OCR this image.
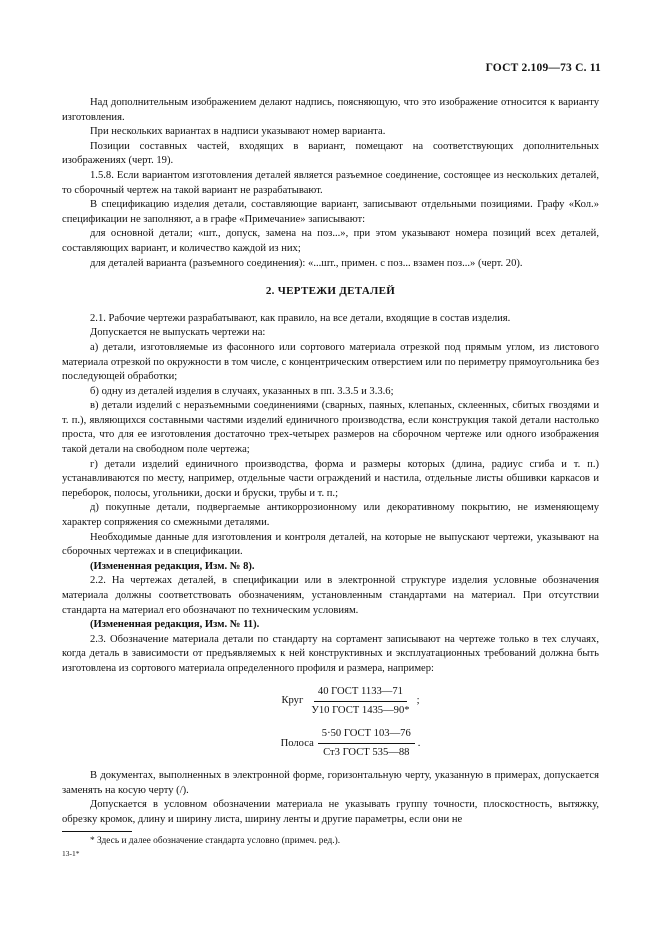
ГОСТ 2.109—73 С. 11

Над дополнительным изображением делают надпись, поясняющую, что это изображение относится к варианту изготовления.

При нескольких вариантах в надписи указывают номер варианта.

Позиции составных частей, входящих в вариант, помещают на соответствующих дополнительных изображениях (черт. 19).

1.5.8. Если вариантом изготовления деталей является разъемное соединение, состоящее из нескольких деталей, то сборочный чертеж на такой вариант не разрабатывают.

В спецификацию изделия детали, составляющие вариант, записывают отдельными позициями. Графу «Кол.» спецификации не заполняют, а в графе «Примечание» записывают:

для основной детали; «шт., допуск, замена на поз...», при этом указывают номера позиций всех деталей, составляющих вариант, и количество каждой из них;

для деталей варианта (разъемного соединения): «...шт., примен. с поз... взамен поз...» (черт. 20).

2. ЧЕРТЕЖИ ДЕТАЛЕЙ

2.1. Рабочие чертежи разрабатывают, как правило, на все детали, входящие в состав изделия.

Допускается не выпускать чертежи на:

а) детали, изготовляемые из фасонного или сортового материала отрезкой под прямым углом, из листового материала отрезкой по окружности в том числе, с концентрическим отверстием или по периметру прямоугольника без последующей обработки;

б) одну из деталей изделия в случаях, указанных в пп. 3.3.5 и 3.3.6;

в) детали изделий с неразъемными соединениями (сварных, паяных, клепаных, склеенных, сбитых гвоздями и т. п.), являющихся составными частями изделий единичного производства, если конструкция такой детали настолько проста, что для ее изготовления достаточно трех-четырех размеров на сборочном чертеже или одного изображения такой детали на свободном поле чертежа;

г) детали изделий единичного производства, форма и размеры которых (длина, радиус сгиба и т. п.) устанавливаются по месту, например, отдельные части ограждений и настила, отдельные листы обшивки каркасов и переборок, полосы, угольники, доски и бруски, трубы и т. п.;

д) покупные детали, подвергаемые антикоррозионному или декоративному покрытию, не изменяющему характер сопряжения со смежными деталями.

Необходимые данные для изготовления и контроля деталей, на которые не выпускают чертежи, указывают на сборочных чертежах и в спецификации.

(Измененная редакция, Изм. № 8).

2.2. На чертежах деталей, в спецификации или в электронной структуре изделия условные обозначения материала должны соответствовать обозначениям, установленным стандартами на материал. При отсутствии стандарта на материал его обозначают по техническим условиям.

(Измененная редакция, Изм. № 11).

2.3. Обозначение материала детали по стандарту на сортамент записывают на чертеже только в тех случаях, когда деталь в зависимости от предъявляемых к ней конструктивных и эксплуатационных требований должна быть изготовлена из сортового материала определенного профиля и размера, например:

Круг $\frac{\text{40 ГОСТ 1133—71}}{\text{У10 ГОСТ 1435—90*}}$ ;
Полоса $\frac{\text{5·50 ГОСТ 103—76}}{\text{Ст3 ГОСТ 535—88}}$ .

В документах, выполненных в электронной форме, горизонтальную черту, указанную в примерах, допускается заменять на косую черту (/).

Допускается в условном обозначении материала не указывать группу точности, плоскостность, вытяжку, обрезку кромок, длину и ширину листа, ширину ленты и другие параметры, если они не

* Здесь и далее обозначение стандарта условно (примеч. ред.).

13-1*
